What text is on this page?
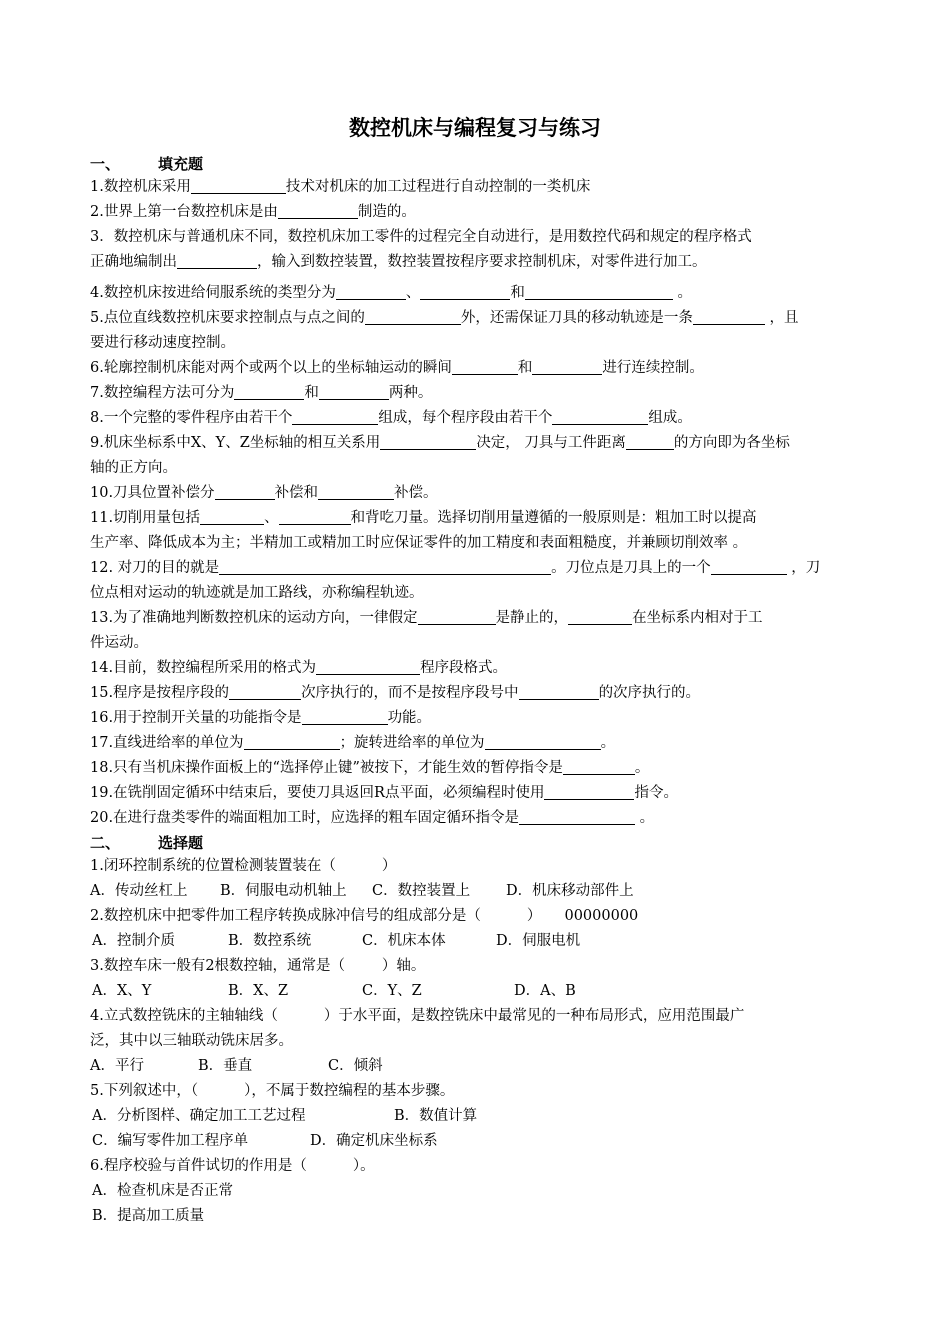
数控机床与编程复习与练习
一、	填充题
1.数控机床采用	技术对机床的加工过程进行自动控制的一类机床
2.世界上第一台数控机床是由	制造的。
3．数控机床与普通机床不同，数控机床加工零件的过程完全自动进行，是用数控代码和规定的程序格式
正确地编制出	，输入到数控装置，数控装置按程序要求控制机床，对零件进行加工。
4.数控机床按进给伺服系统的类型分为	、	和	。
5.点位直线数控机床要求控制点与点之间的	外，还需保证刀具的移动轨迹是一条	，且
要进行移动速度控制。
6.轮廓控制机床能对两个或两个以上的坐标轴运动的瞬间	和	进行连续控制。
7.数控编程方法可分为	和	两种。
8.一个完整的零件程序由若干个	组成，每个程序段由若干个	组成。
9.机床坐标系中X、Y、Z坐标轴的相互关系用	决定， 刀具与工件距离	的方向即为各坐标
轴的正方向。
10.刀具位置补偿分	补偿和	补偿。
11.切削用量包括	、	和背吃刀量。选择切削用量遵循的一般原则是：粗加工时以提高
生产率、降低成本为主；半精加工或精加工时应保证零件的加工精度和表面粗糙度，并兼顾切削效率 。
12. 对刀的目的就是	。刀位点是刀具上的一个	，刀
位点相对运动的轨迹就是加工路线，亦称编程轨迹。
13.为了准确地判断数控机床的运动方向，一律假定	是静止的，	在坐标系内相对于工
件运动。
14.目前，数控编程所采用的格式为	程序段格式。
15.程序是按程序段的	次序执行的，而不是按程序段号中	的次序执行的。
16.用于控制开关量的功能指令是	功能。
17.直线进给率的单位为	；旋转进给率的单位为	。
18.只有当机床操作面板上的“选择停止键”被按下，才能生效的暂停指令是	。
19.在铣削固定循环中结束后，要使刀具返回R点平面，必须编程时使用	指令。
20.在进行盘类零件的端面粗加工时，应选择的粗车固定循环指令是	。
二、	选择题
1.闭环控制系统的位置检测装置装在（          ）
A．传动丝杠上 B．伺服电动机轴上 C．数控装置上 D．机床移动部件上
2.数控机床中把零件加工程序转换成脉冲信号的组成部分是（          ）     00000000
A．控制介质	B．数控系统	C．机床本体	D．伺服电机
3.数控车床一般有2根数控轴，通常是（        ）轴。
A．X、Y	B．X、Z	C．Y、Z	D．A、B
4.立式数控铣床的主轴轴线（          ）于水平面，是数控铣床中最常见的一种布局形式，应用范围最广
泛，其中以三轴联动铣床居多。
A．平行	B．垂直	C．倾斜
5.下列叙述中，（          ），不属于数控编程的基本步骤。
A．分析图样、确定加工工艺过程	B．数值计算
C．编写零件加工程序单	D．确定机床坐标系
6.程序校验与首件试切的作用是（          ）。
A．检查机床是否正常
B．提高加工质量
